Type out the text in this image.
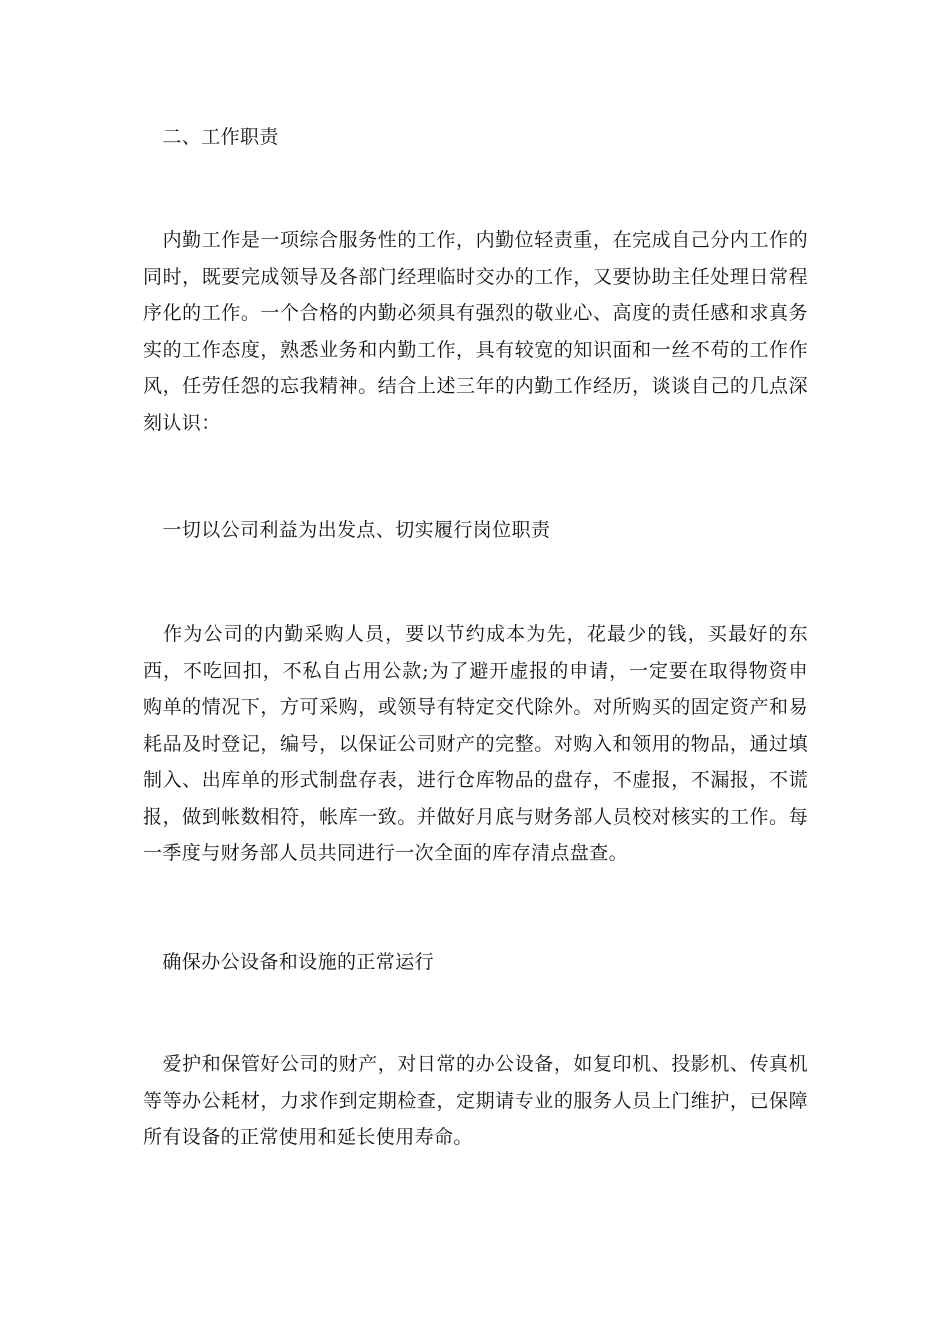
　二、工作职责

　内勤工作是一项综合服务性的工作，内勤位轻责重，在完成自己分内工作的同时，既要完成领导及各部门经理临时交办的工作，又要协助主任处理日常程序化的工作。一个合格的内勤必须具有强烈的敬业心、高度的责任感和求真务实的工作态度，熟悉业务和内勤工作，具有较宽的知识面和一丝不苟的工作作风，任劳任怨的忘我精神。结合上述三年的内勤工作经历，谈谈自己的几点深刻认识：

　一切以公司利益为出发点、切实履行岗位职责

　作为公司的内勤采购人员，要以节约成本为先，花最少的钱，买最好的东西，不吃回扣，不私自占用公款;为了避开虚报的申请，一定要在取得物资申购单的情况下，方可采购，或领导有特定交代除外。对所购买的固定资产和易耗品及时登记，编号，以保证公司财产的完整。对购入和领用的物品，通过填制入、出库单的形式制盘存表，进行仓库物品的盘存，不虚报，不漏报，不谎报，做到帐数相符，帐库一致。并做好月底与财务部人员校对核实的工作。每一季度与财务部人员共同进行一次全面的库存清点盘查。

　确保办公设备和设施的正常运行

　爱护和保管好公司的财产，对日常的办公设备，如复印机、投影机、传真机等等办公耗材，力求作到定期检查，定期请专业的服务人员上门维护，已保障所有设备的正常使用和延长使用寿命。
